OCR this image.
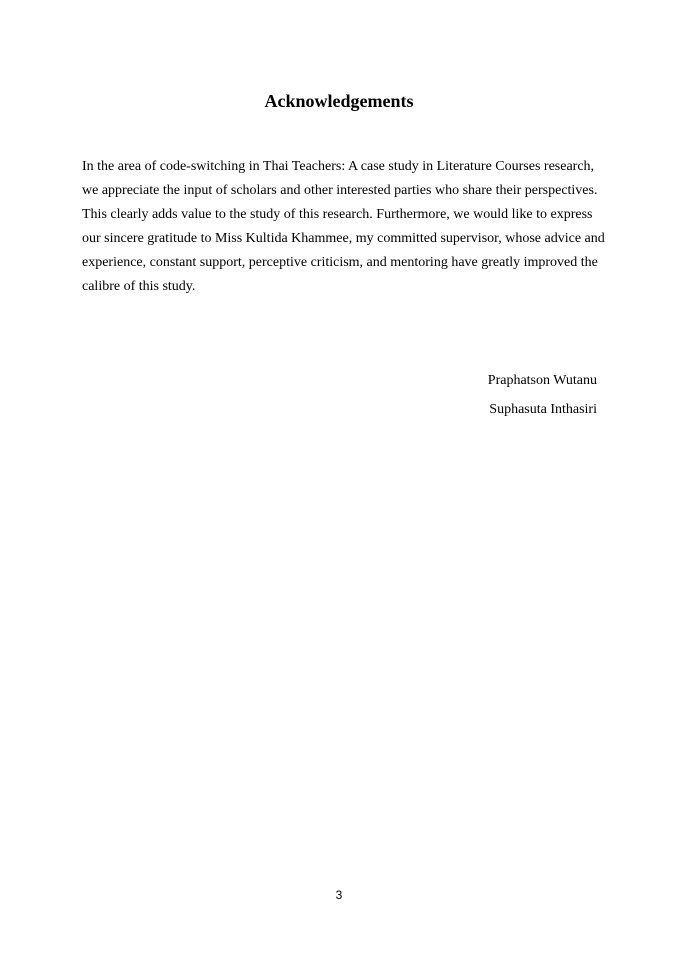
Acknowledgements
In the area of code-switching in Thai Teachers: A case study in Literature Courses research,
we appreciate the input of scholars and other interested parties who share their perspectives.
This clearly adds value to the study of this research. Furthermore, we would like to express
our sincere gratitude to Miss Kultida Khammee, my committed supervisor, whose advice and
experience, constant support, perceptive criticism, and mentoring have greatly improved the
calibre of this study.
Praphatson Wutanu
Suphasuta Inthasiri
3
